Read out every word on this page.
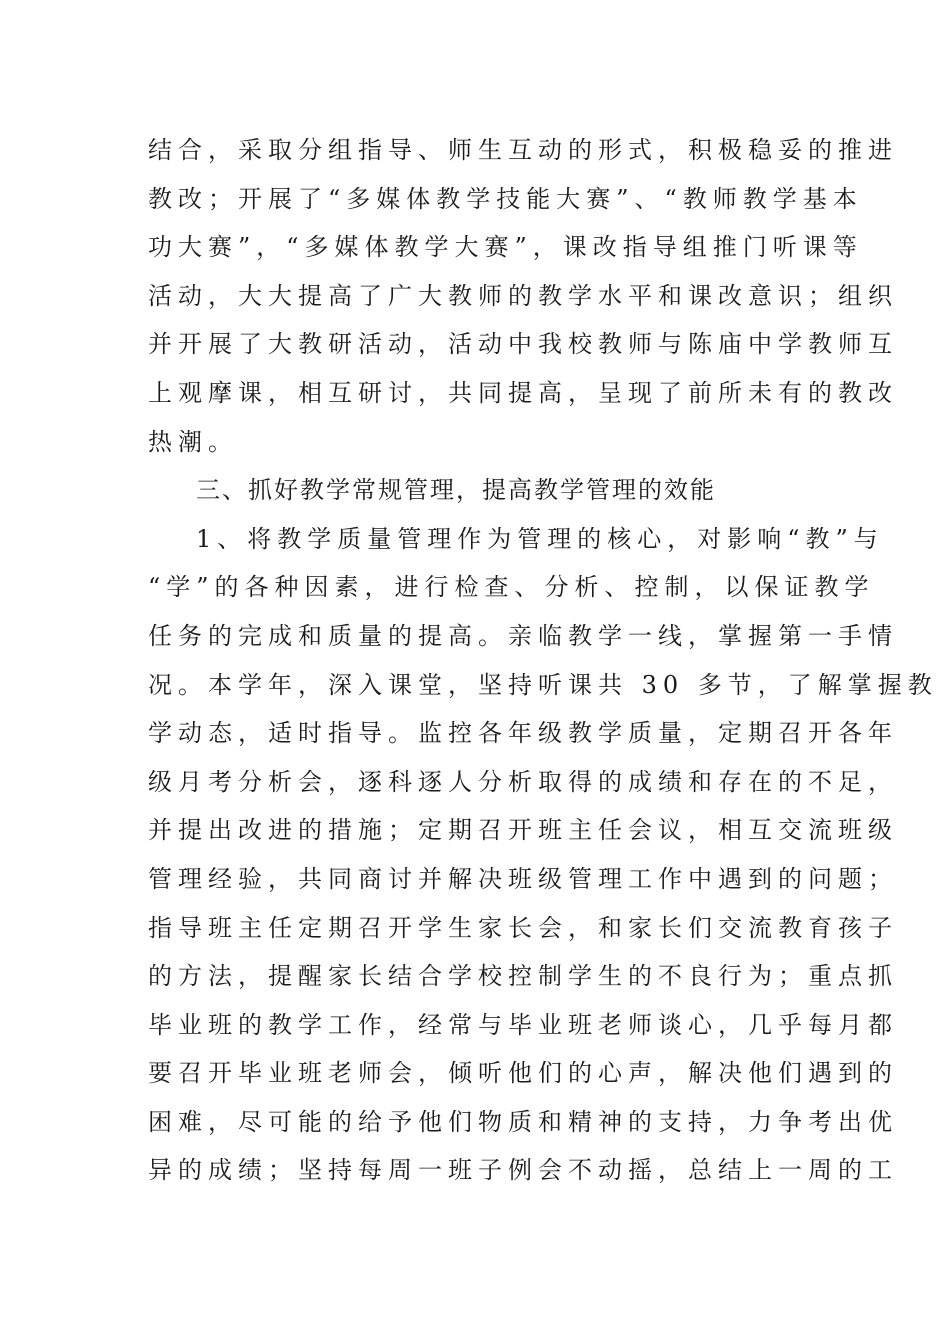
结合，采取分组指导、师生互动的形式，积极稳妥的推进
教改；开展了“多媒体教学技能大赛”、“教师教学基本
功大赛”，“多媒体教学大赛”，课改指导组推门听课等
活动，大大提高了广大教师的教学水平和课改意识；组织
并开展了大教研活动，活动中我校教师与陈庙中学教师互
上观摩课，相互研讨，共同提高，呈现了前所未有的教改
热潮。
三、抓好教学常规管理，提高教学管理的效能
1、将教学质量管理作为管理的核心，对影响“教”与
“学”的各种因素，进行检查、分析、控制，以保证教学
任务的完成和质量的提高。亲临教学一线，掌握第一手情
况。本学年，深入课堂，坚持听课共 30 多节，了解掌握教
学动态，适时指导。监控各年级教学质量，定期召开各年
级月考分析会，逐科逐人分析取得的成绩和存在的不足，
并提出改进的措施；定期召开班主任会议，相互交流班级
管理经验，共同商讨并解决班级管理工作中遇到的问题；
指导班主任定期召开学生家长会，和家长们交流教育孩子
的方法，提醒家长结合学校控制学生的不良行为；重点抓
毕业班的教学工作，经常与毕业班老师谈心，几乎每月都
要召开毕业班老师会，倾听他们的心声，解决他们遇到的
困难，尽可能的给予他们物质和精神的支持，力争考出优
异的成绩；坚持每周一班子例会不动摇，总结上一周的工
